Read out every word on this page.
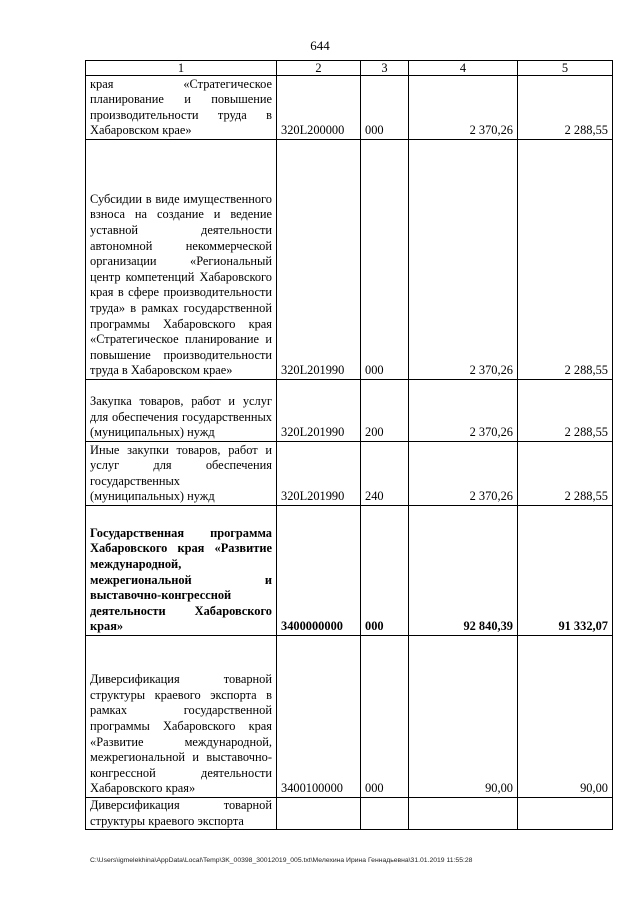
644
1	2	3	4	5
края «Стратегическое планирование и повышение производительности труда в Хабаровском крае»	320L200000	000	2 370,26	2 288,55
Субсидии в виде имущественного взноса на создание и ведение уставной деятельности автономной некоммерческой организации «Региональный центр компетенций Хабаровского края в сфере производительности труда» в рамках государственной программы Хабаровского края «Стратегическое планирование и повышение производительности труда в Хабаровском крае»	320L201990	000	2 370,26	2 288,55
Закупка товаров, работ и услуг для обеспечения государственных (муниципальных) нужд	320L201990	200	2 370,26	2 288,55
Иные закупки товаров, работ и услуг для обеспечения государственных (муниципальных) нужд	320L201990	240	2 370,26	2 288,55
Государственная программа Хабаровского края «Развитие международной, межрегиональной и выставочно-конгрессной деятельности Хабаровского края»	3400000000	000	92 840,39	91 332,07
Диверсификация товарной структуры краевого экспорта в рамках государственной программы Хабаровского края «Развитие международной, межрегиональной и выставочно-конгрессной деятельности Хабаровского края»	3400100000	000	90,00	90,00
Диверсификация товарной структуры краевого экспорта				
C:\Users\igmelekhina\AppData\Local\Temp\3K_00398_30012019_005.txt\Мелехина Ирина Геннадьевна\31.01.2019 11:55:28
